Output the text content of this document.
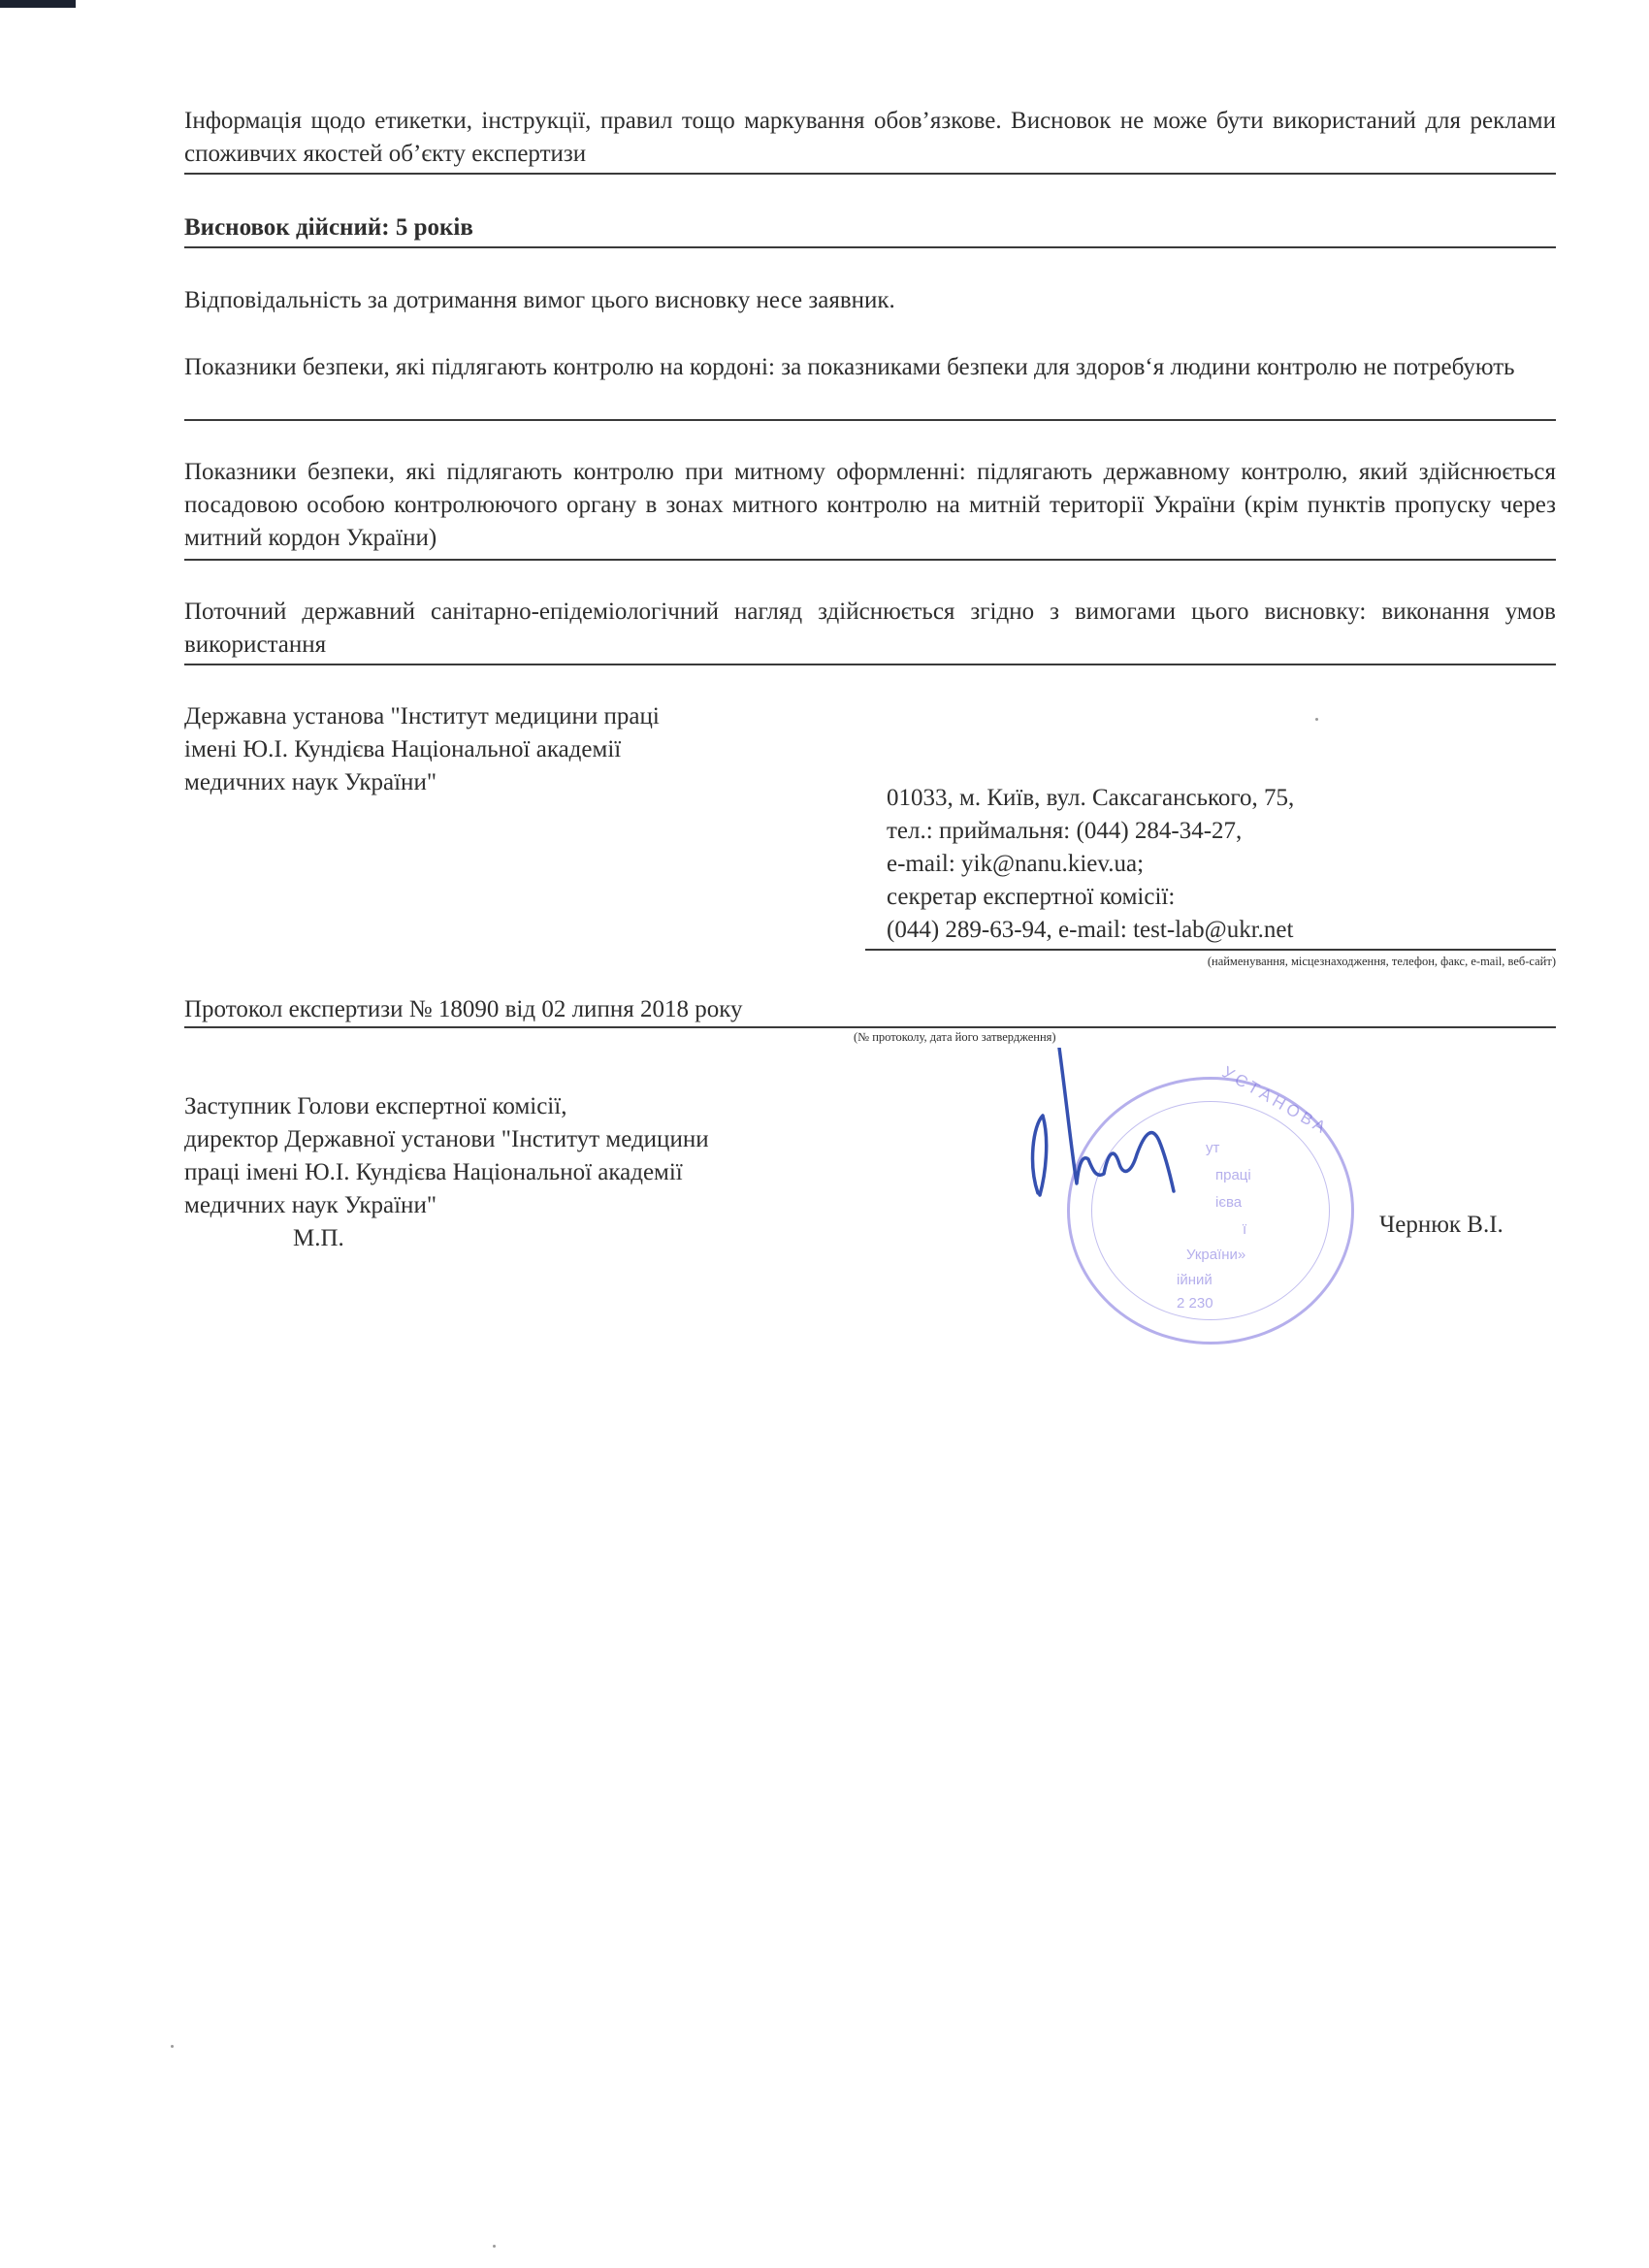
Інформація щодо етикетки, інструкції, правил тощо маркування обов’язкове. Висновок не може бути використаний для реклами споживчих якостей об’єкту експертизи
Висновок дійсний: 5 років
Відповідальність за дотримання вимог цього висновку несе заявник.
Показники безпеки, які підлягають контролю на кордоні: за показниками безпеки для здоров‘я людини контролю не потребують
Показники безпеки, які підлягають контролю при митному оформленні: підлягають державному контролю, який здійснюється посадовою особою контролюючого органу в зонах митного контролю на митній території України (крім пунктів пропуску через митний кордон України)
Поточний державний санітарно-епідеміологічний нагляд здійснюється згідно з вимогами цього висновку: виконання умов використання
Державна установа "Інститут медицини праці
імені Ю.І. Кундієва Національної академії
медичних наук України"
01033, м. Київ, вул. Саксаганського, 75,
тел.: приймальня: (044) 284-34-27,
e-mail: yik@nanu.kiev.ua;
секретар експертної комісії:
(044) 289-63-94, e-mail: test-lab@ukr.net
(найменування, місцезнаходження, телефон, факс, e-mail, веб-сайт)
Протокол експертизи № 18090 від 02 липня 2018 року
(№ протоколу, дата його затвердження)
Заступник Голови експертної комісії,
директор Державної установи "Інститут медицини
праці імені Ю.І. Кундієва Національної академії
медичних наук України"
М.П.
УСТАНОВА
ут
праці
ієва
ї
України»
ійний
2 230
Чернюк В.І.
